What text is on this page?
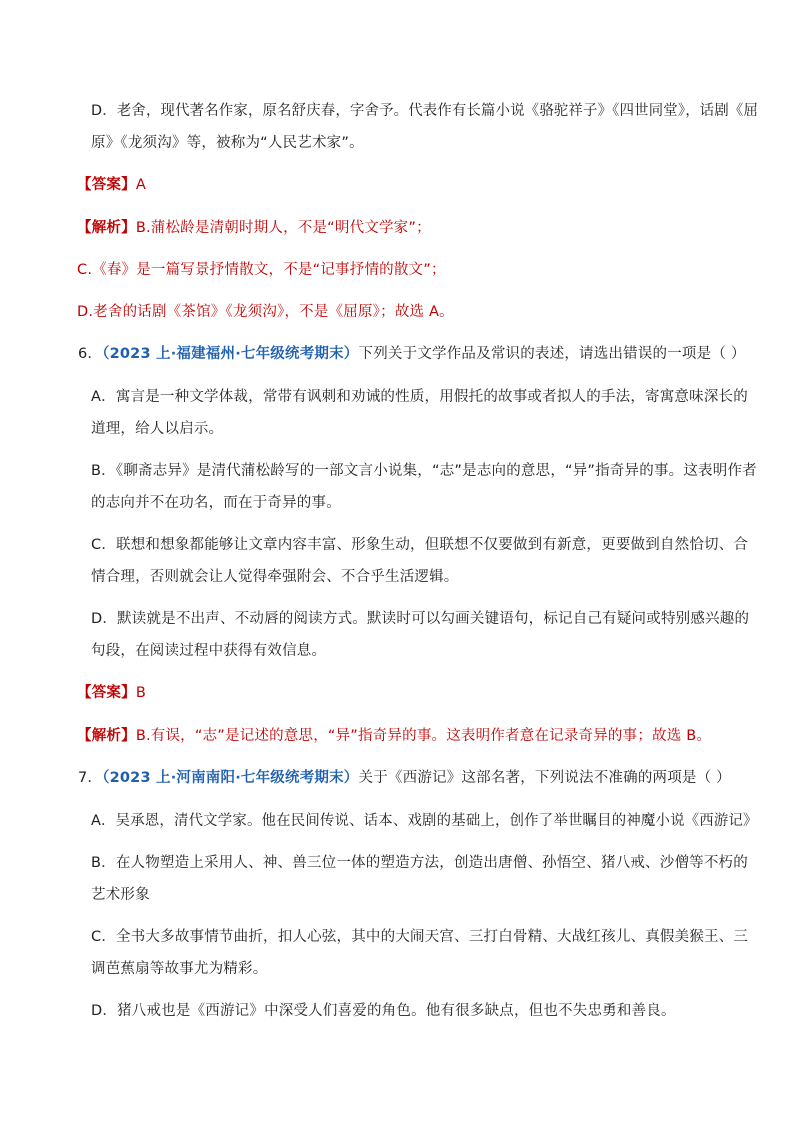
D．老舍，现代著名作家，原名舒庆春，字舍予。代表作有长篇小说《骆驼祥子》《四世同堂》，话剧《屈
原》《龙须沟》等，被称为“人民艺术家”。
【答案】A
【解析】B.蒲松龄是清朝时期人，不是“明代文学家”；
C.《春》是一篇写景抒情散文，不是“记事抒情的散文”；
D.老舍的话剧《茶馆》《龙须沟》，不是《屈原》；故选 A。
6．（2023 上·福建福州·七年级统考期末）下列关于文学作品及常识的表述，请选出错误的一项是（ ）
A．寓言是一种文学体裁，常带有讽刺和劝诫的性质，用假托的故事或者拟人的手法，寄寓意味深长的
道理，给人以启示。
B．《聊斋志异》是清代蒲松龄写的一部文言小说集，“志”是志向的意思，“异”指奇异的事。这表明作者
的志向并不在功名，而在于奇异的事。
C．联想和想象都能够让文章内容丰富、形象生动，但联想不仅要做到有新意，更要做到自然恰切、合
情合理，否则就会让人觉得牵强附会、不合乎生活逻辑。
D．默读就是不出声、不动唇的阅读方式。默读时可以勾画关键语句，标记自己有疑问或特别感兴趣的
句段，在阅读过程中获得有效信息。
【答案】B
【解析】B.有误，“志”是记述的意思，“异”指奇异的事。这表明作者意在记录奇异的事；故选 B。
7．（2023 上·河南南阳·七年级统考期末）关于《西游记》这部名著，下列说法不准确的两项是（ ）
A．吴承恩，清代文学家。他在民间传说、话本、戏剧的基础上，创作了举世瞩目的神魔小说《西游记》
B．在人物塑造上采用人、神、兽三位一体的塑造方法，创造出唐僧、孙悟空、猪八戒、沙僧等不朽的
艺术形象
C．全书大多故事情节曲折，扣人心弦，其中的大闹天宫、三打白骨精、大战红孩儿、真假美猴王、三
调芭蕉扇等故事尤为精彩。
D．猪八戒也是《西游记》中深受人们喜爱的角色。他有很多缺点，但也不失忠勇和善良。
